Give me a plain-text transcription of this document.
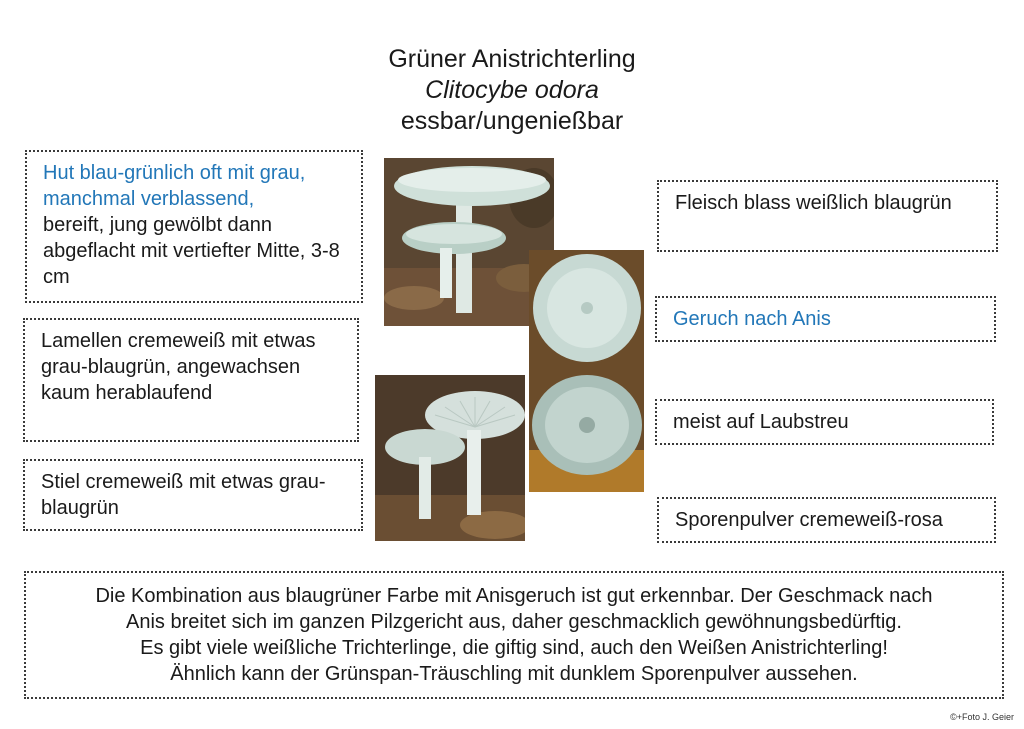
Grüner Anistrichterling
Clitocybe odora
essbar/ungenießbar
Hut blau-grünlich oft mit grau, manchmal verblassend,
bereift, jung gewölbt dann abgeflacht mit vertiefter Mitte, 3-8 cm
Lamellen cremeweiß mit etwas grau-blaugrün, angewachsen kaum herablaufend
Stiel cremeweiß mit etwas grau-blaugrün
Fleisch blass weißlich blaugrün
Geruch nach Anis
meist auf Laubstreu
Sporenpulver cremeweiß-rosa
Die Kombination aus blaugrüner Farbe mit Anisgeruch ist gut erkennbar. Der Geschmack nach
Anis breitet sich im ganzen Pilzgericht aus, daher geschmacklich gewöhnungsbedürftig.
Es gibt viele weißliche Trichterlinge, die giftig sind, auch den Weißen Anistrichterling!
Ähnlich kann der Grünspan-Träuschling mit dunklem Sporenpulver aussehen.
©+Foto J. Geier
